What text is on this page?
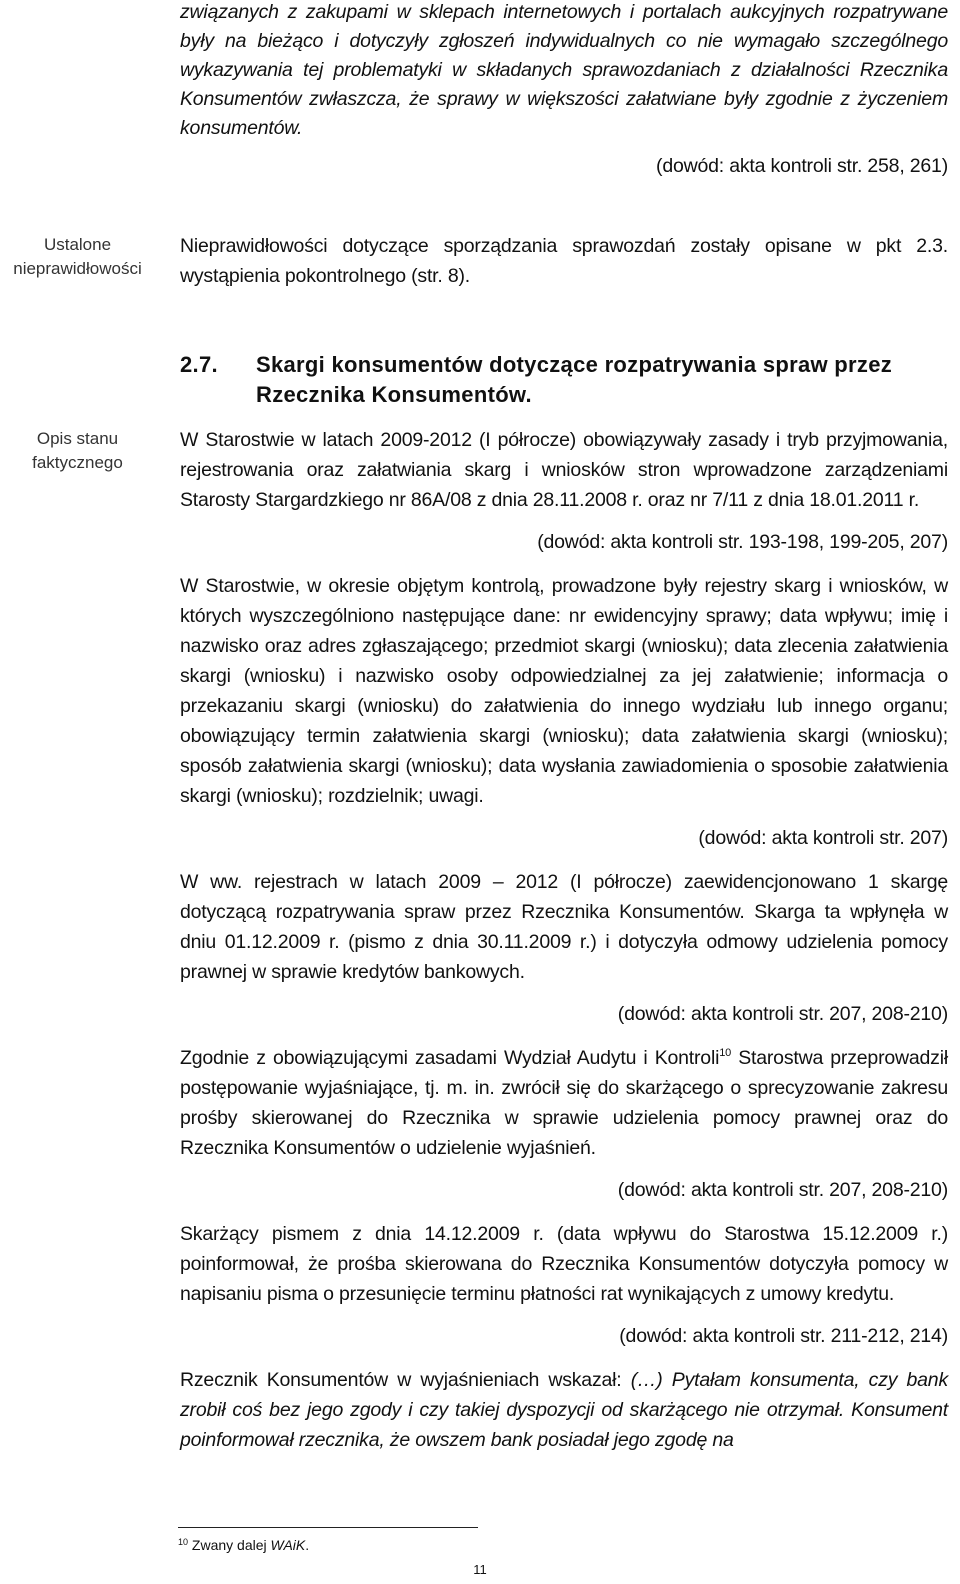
związanych z zakupami w sklepach internetowych i portalach aukcyjnych rozpatrywane były na bieżąco i dotyczyły zgłoszeń indywidualnych co nie wymagało szczególnego wykazywania tej problematyki w składanych sprawozdaniach z działalności Rzecznika Konsumentów zwłaszcza, że sprawy w większości załatwiane były zgodnie z życzeniem konsumentów.

(dowód: akta kontroli str. 258, 261)

Ustalone
nieprawidłowości

Nieprawidłowości dotyczące sporządzania sprawozdań zostały opisane w pkt 2.3. wystąpienia pokontrolnego (str. 8).

2.7. Skargi konsumentów dotyczące rozpatrywania spraw przez
Rzecznika Konsumentów.
Opis stanu
faktycznego

W Starostwie w latach 2009-2012 (I półrocze) obowiązywały zasady i tryb przyjmowania, rejestrowania oraz załatwiania skarg i wniosków stron wprowadzone zarządzeniami Starosty Stargardzkiego nr 86A/08 z dnia 28.11.2008 r. oraz nr 7/11 z dnia 18.01.2011 r.

(dowód: akta kontroli str. 193-198, 199-205, 207)

W Starostwie, w okresie objętym kontrolą, prowadzone były rejestry skarg i wniosków, w których wyszczególniono następujące dane: nr ewidencyjny sprawy; data wpływu; imię i nazwisko oraz adres zgłaszającego; przedmiot skargi (wniosku); data zlecenia załatwienia skargi (wniosku) i nazwisko osoby odpowiedzialnej za jej załatwienie; informacja o przekazaniu skargi (wniosku) do załatwienia do innego wydziału lub innego organu; obowiązujący termin załatwienia skargi (wniosku); data załatwienia skargi (wniosku); sposób załatwienia skargi (wniosku); data wysłania zawiadomienia o sposobie załatwienia skargi (wniosku); rozdzielnik; uwagi.

(dowód: akta kontroli str. 207)

W ww. rejestrach w latach 2009 – 2012 (I półrocze) zaewidencjonowano 1 skargę dotyczącą rozpatrywania spraw przez Rzecznika Konsumentów. Skarga ta wpłynęła w dniu 01.12.2009 r. (pismo z dnia 30.11.2009 r.) i dotyczyła odmowy udzielenia pomocy prawnej w sprawie kredytów bankowych.

(dowód: akta kontroli str. 207, 208-210)

Zgodnie z obowiązującymi zasadami Wydział Audytu i Kontroli$^{10}$ Starostwa przeprowadził postępowanie wyjaśniające, tj. m. in. zwrócił się do skarżącego o sprecyzowanie zakresu prośby skierowanej do Rzecznika w sprawie udzielenia pomocy prawnej oraz do Rzecznika Konsumentów o udzielenie wyjaśnień.

(dowód: akta kontroli str. 207, 208-210)

Skarżący pismem z dnia 14.12.2009 r. (data wpływu do Starostwa 15.12.2009 r.) poinformował, że prośba skierowana do Rzecznika Konsumentów dotyczyła pomocy w napisaniu pisma o przesunięcie terminu płatności rat wynikających z umowy kredytu.

(dowód: akta kontroli str. 211-212, 214)

Rzecznik Konsumentów w wyjaśnieniach wskazał: (…) Pytałam konsumenta, czy bank zrobił coś bez jego zgody i czy takiej dyspozycji od skarżącego nie otrzymał. Konsument poinformował rzecznika, że owszem bank posiadał jego zgodę na

$^{10}$ Zwany dalej WAiK.
11
